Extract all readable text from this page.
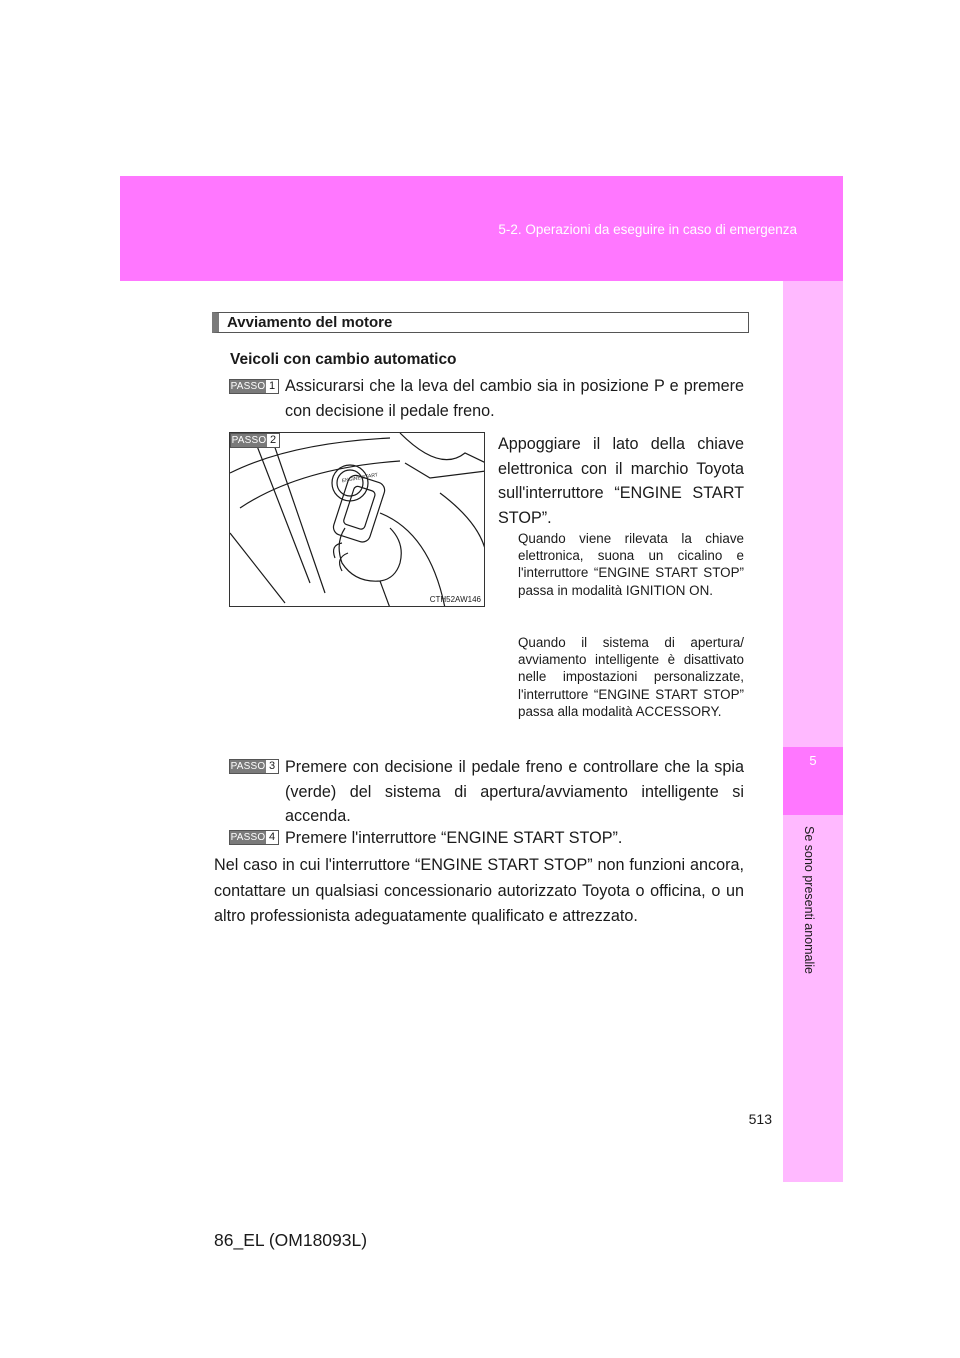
5-2. Operazioni da eseguire in caso di emergenza
5
Se sono presenti anomalie
Avviamento del motore
Veicoli con cambio automatico
PASSO 1 Assicurarsi che la leva del cambio sia in posizione P e premere con decisione il pedale freno.
ENGINE START
PASSO 2
CTH52AW146
Appoggiare il lato della chiave elettronica con il marchio Toyota sull'interruttore “ENGINE START STOP”.
Quando viene rilevata la chiave elettronica, suona un cicalino e l'interruttore “ENGINE START STOP” passa in modalità IGNITION ON.
Quando il sistema di apertura/ avviamento intelligente è disattivato nelle impostazioni personalizzate, l'interruttore “ENGINE START STOP” passa alla modalità ACCESSORY.
PASSO 3 Premere con decisione il pedale freno e controllare che la spia (verde) del sistema di apertura/avviamento intelligente si accenda.
PASSO 4 Premere l'interruttore “ENGINE START STOP”.
Nel caso in cui l'interruttore “ENGINE START STOP” non funzioni ancora, contattare un qualsiasi concessionario autorizzato Toyota o officina, o un altro professionista adeguatamente qualificato e attrezzato.
513
86_EL (OM18093L)
